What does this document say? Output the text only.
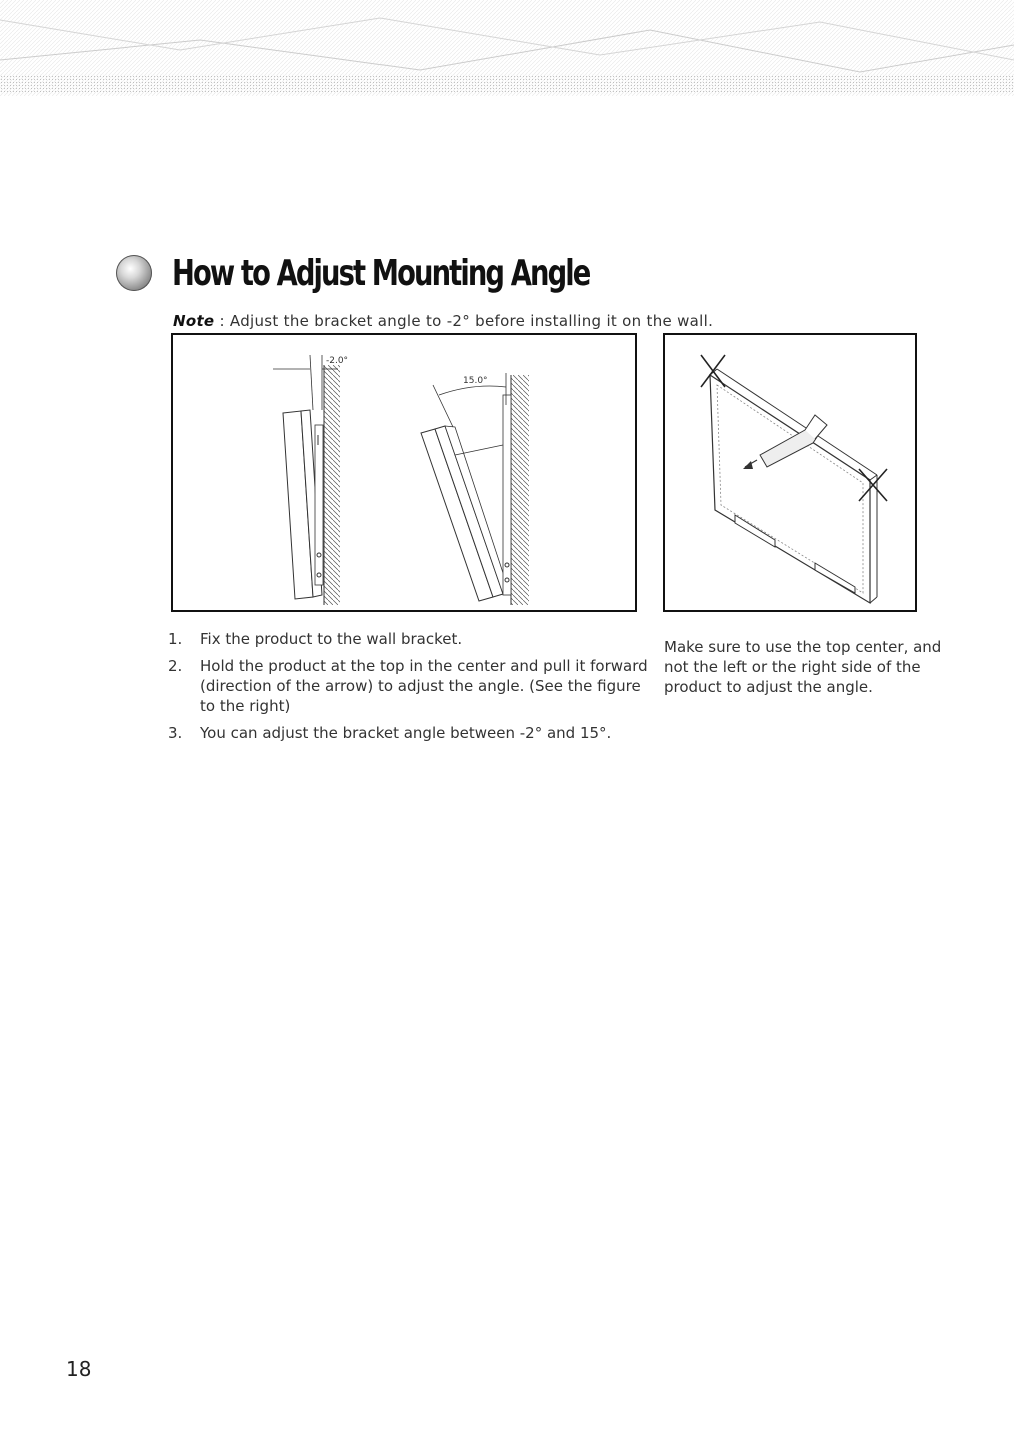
How to Adjust Mounting Angle
Note : Adjust the bracket angle to -2° before installing it on the wall.
-2.0°
15.0°
1.	Fix the product to the wall bracket.
2.	Hold the product at the top in the center and pull it forward (direction of the arrow) to adjust the angle. (See the figure to the right)
3.	You can adjust the bracket angle between -2° and 15°.
Make sure to use the top center, and not the left or the right side of the product to adjust the angle.
18
